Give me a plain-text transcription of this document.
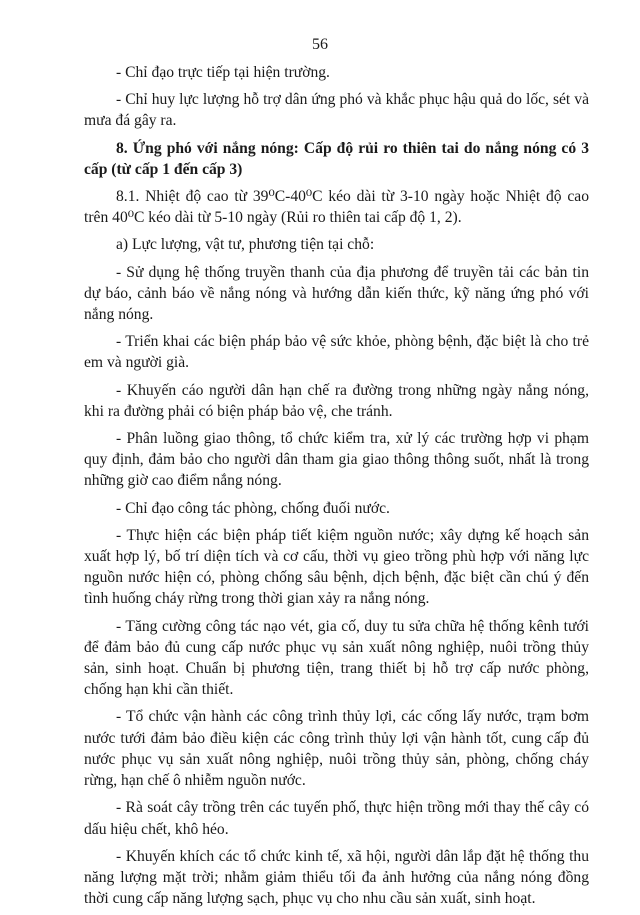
56

- Chỉ đạo trực tiếp tại hiện trường.

- Chỉ huy lực lượng hỗ trợ dân ứng phó và khắc phục hậu quả do lốc, sét và mưa đá gây ra.

8. Ứng phó với nắng nóng: Cấp độ rủi ro thiên tai do nắng nóng có 3 cấp (từ cấp 1 đến cấp 3)

8.1. Nhiệt độ cao từ 39⁰C-40⁰C kéo dài từ 3-10 ngày hoặc Nhiệt độ cao trên 40⁰C kéo dài từ 5-10 ngày (Rủi ro thiên tai cấp độ 1, 2).

a) Lực lượng, vật tư, phương tiện tại chỗ:

- Sử dụng hệ thống truyền thanh của địa phương để truyền tải các bản tin dự báo, cảnh báo về nắng nóng và hướng dẫn kiến thức, kỹ năng ứng phó với nắng nóng.

- Triển khai các biện pháp bảo vệ sức khỏe, phòng bệnh, đặc biệt là cho trẻ em và người già.

- Khuyến cáo người dân hạn chế ra đường trong những ngày nắng nóng, khi ra đường phải có biện pháp bảo vệ, che tránh.

- Phân luồng giao thông, tổ chức kiểm tra, xử lý các trường hợp vi phạm quy định, đảm bảo cho người dân tham gia giao thông thông suốt, nhất là trong những giờ cao điểm nắng nóng.

- Chỉ đạo công tác phòng, chống đuối nước.

- Thực hiện các biện pháp tiết kiệm nguồn nước; xây dựng kế hoạch sản xuất hợp lý, bố trí diện tích và cơ cấu, thời vụ gieo trồng phù hợp với năng lực nguồn nước hiện có, phòng chống sâu bệnh, dịch bệnh, đặc biệt cần chú ý đến tình huống cháy rừng trong thời gian xảy ra nắng nóng.

- Tăng cường công tác nạo vét, gia cố, duy tu sửa chữa hệ thống kênh tưới để đảm bảo đủ cung cấp nước phục vụ sản xuất nông nghiệp, nuôi trồng thủy sản, sinh hoạt. Chuẩn bị phương tiện, trang thiết bị hỗ trợ cấp nước phòng, chống hạn khi cần thiết.

- Tổ chức vận hành các công trình thủy lợi, các cống lấy nước, trạm bơm nước tưới đảm bảo điều kiện các công trình thủy lợi vận hành tốt, cung cấp đủ nước phục vụ sản xuất nông nghiệp, nuôi trồng thủy sản, phòng, chống cháy rừng, hạn chế ô nhiễm nguồn nước.

- Rà soát cây trồng trên các tuyến phố, thực hiện trồng mới thay thế cây có dấu hiệu chết, khô héo.

- Khuyến khích các tổ chức kinh tế, xã hội, người dân lắp đặt hệ thống thu năng lượng mặt trời; nhằm giảm thiểu tối đa ảnh hưởng của nắng nóng đồng thời cung cấp năng lượng sạch, phục vụ cho nhu cầu sản xuất, sinh hoạt.
